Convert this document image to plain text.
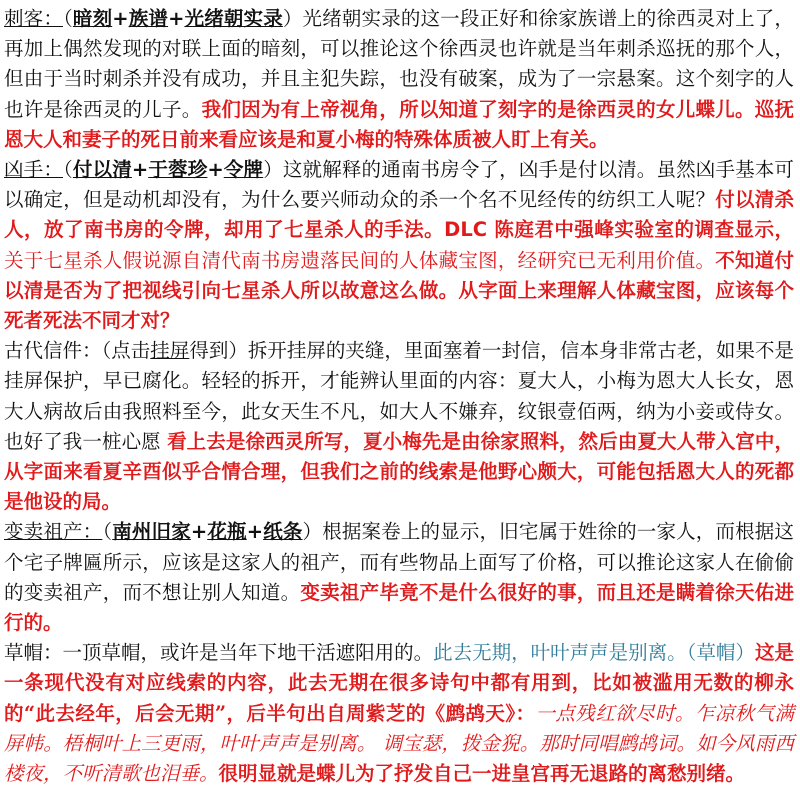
刺客：（暗刻+族谱+光绪朝实录）光绪朝实录的这一段正好和徐家族谱上的徐西灵对上了，再加上偶然发现的对联上面的暗刻，可以推论这个徐西灵也许就是当年刺杀巡抚的那个人，但由于当时刺杀并没有成功，并且主犯失踪，也没有破案，成为了一宗悬案。这个刻字的人也许是徐西灵的儿子。我们因为有上帝视角，所以知道了刻字的是徐西灵的女儿蝶儿。巡抚恩大人和妻子的死日前来看应该是和夏小梅的特殊体质被人盯上有关。

凶手：（付以清+于蓉珍+令牌）这就解释的通南书房令了，凶手是付以清。虽然凶手基本可以确定，但是动机却没有，为什么要兴师动众的杀一个名不见经传的纺织工人呢？付以清杀人，放了南书房的令牌，却用了七星杀人的手法。DLC 陈庭君中强峰实验室的调查显示，关于七星杀人假说源自清代南书房遗落民间的人体藏宝图，经研究已无利用价值。不知道付以清是否为了把视线引向七星杀人所以故意这么做。从字面上来理解人体藏宝图，应该每个死者死法不同才对？

古代信件：（点击挂屏得到）拆开挂屏的夹缝，里面塞着一封信，信本身非常古老，如果不是挂屏保护，早已腐化。轻轻的拆开，才能辨认里面的内容：夏大人，小梅为恩大人长女，恩大人病故后由我照料至今，此女天生不凡，如大人不嫌弃，纹银壹佰两，纳为小妾或侍女。也好了我一桩心愿 看上去是徐西灵所写，夏小梅先是由徐家照料，然后由夏大人带入宫中，从字面来看夏辛酉似乎合情合理，但我们之前的线索是他野心颇大，可能包括恩大人的死都是他设的局。

变卖祖产：（南州旧家+花瓶+纸条）根据案卷上的显示，旧宅属于姓徐的一家人，而根据这个宅子牌匾所示，应该是这家人的祖产，而有些物品上面写了价格，可以推论这家人在偷偷的变卖祖产，而不想让别人知道。变卖祖产毕竟不是什么很好的事，而且还是瞒着徐天佑进行的。

草帽：一顶草帽，或许是当年下地干活遮阳用的。此去无期，叶叶声声是别离。（草帽）这是一条现代没有对应线索的内容，此去无期在很多诗句中都有用到，比如被滥用无数的柳永的“此去经年，后会无期”，后半句出自周紫芝的《鹧鸪天》：一点残红欲尽时。乍凉秋气满屏帏。梧桐叶上三更雨，叶叶声声是别离。 调宝瑟，拨金猊。那时同唱鹧鸪词。如今风雨西楼夜，不听清歌也泪垂。很明显就是蝶儿为了抒发自己一进皇宫再无退路的离愁别绪。
